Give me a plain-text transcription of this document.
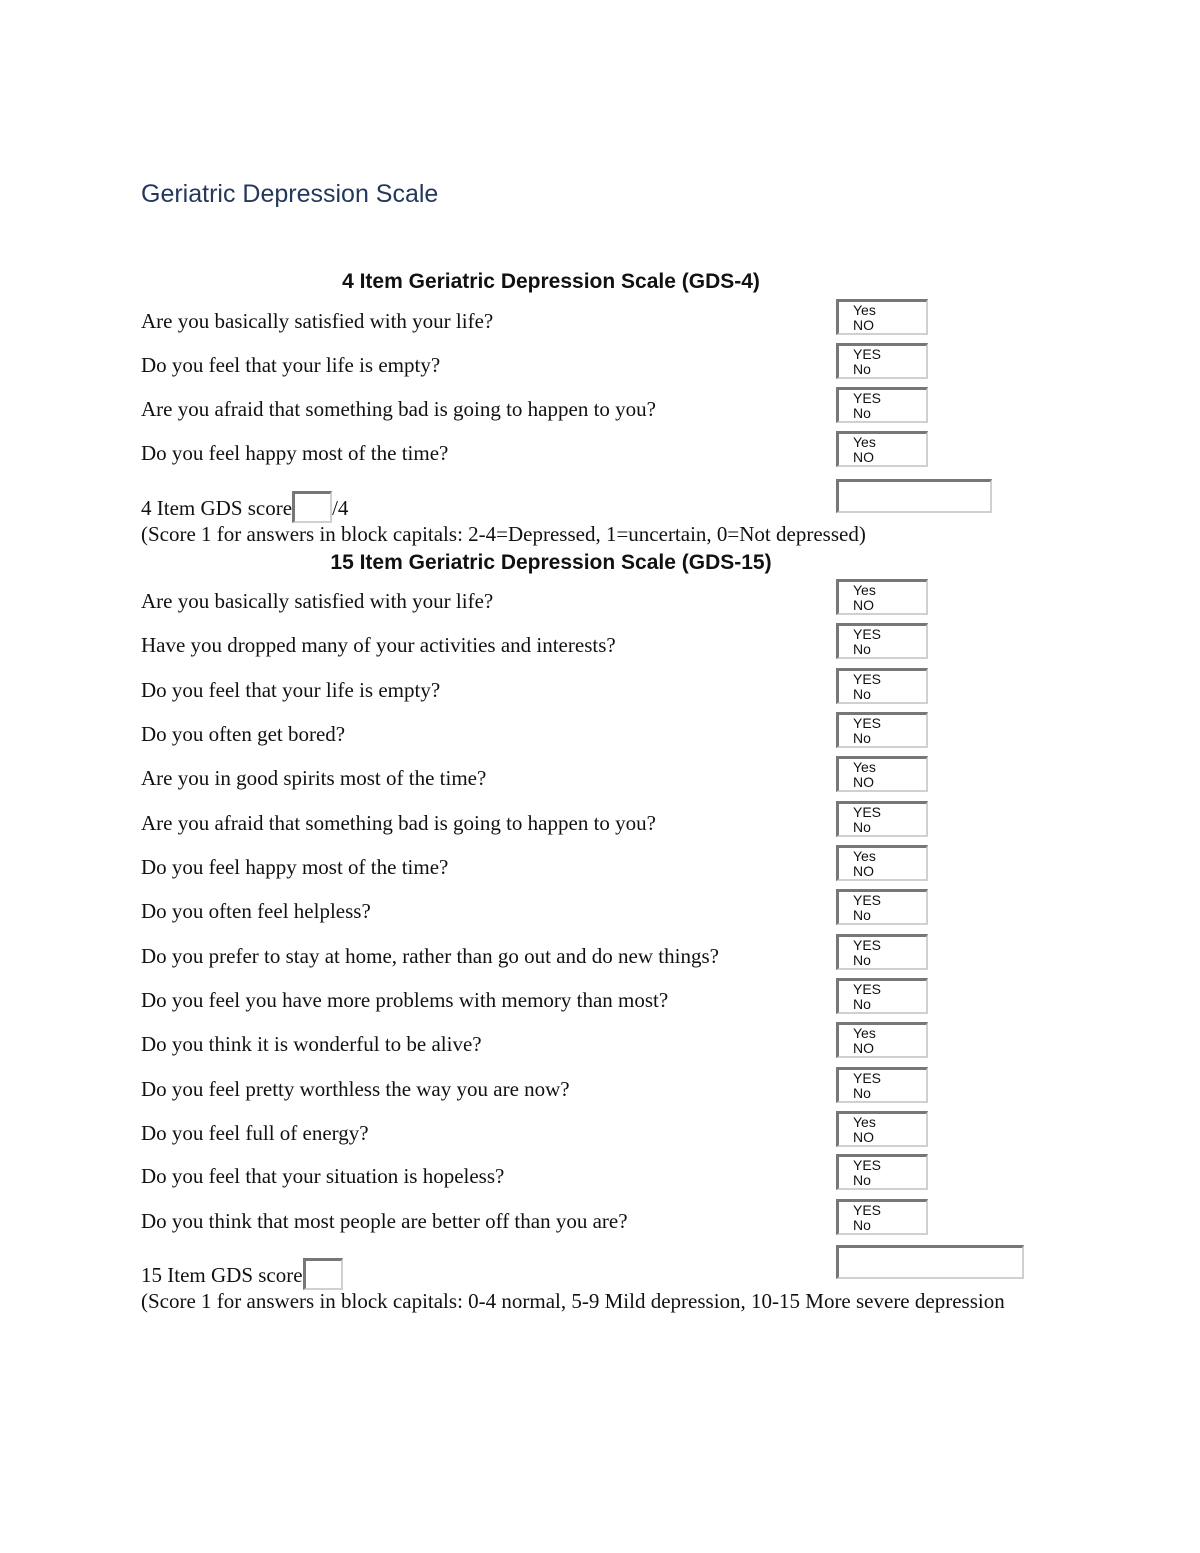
Geriatric Depression Scale
4 Item Geriatric Depression Scale (GDS-4)
Are you basically satisfied with your life?	Yes
NO
Do you feel that your life is empty?	YES
No
Are you afraid that something bad is going to happen to you?	YES
No
Do you feel happy most of the time?	Yes
NO
4 Item GDS score /4
(Score 1 for answers in block capitals: 2-4=Depressed, 1=uncertain, 0=Not depressed)
15 Item Geriatric Depression Scale (GDS-15)
Are you basically satisfied with your life?	Yes
NO
Have you dropped many of your activities and interests?	YES
No
Do you feel that your life is empty?	YES
No
Do you often get bored?	YES
No
Are you in good spirits most of the time?	Yes
NO
Are you afraid that something bad is going to happen to you?	YES
No
Do you feel happy most of the time?	Yes
NO
Do you often feel helpless?	YES
No
Do you prefer to stay at home, rather than go out and do new things?	YES
No
Do you feel you have more problems with memory than most?	YES
No
Do you think it is wonderful to be alive?	Yes
NO
Do you feel pretty worthless the way you are now?	YES
No
Do you feel full of energy?	Yes
NO
Do you feel that your situation is hopeless?	YES
No
Do you think that most people are better off than you are?	YES
No
15 Item GDS score
(Score 1 for answers in block capitals: 0-4 normal, 5-9 Mild depression, 10-15 More severe depression
